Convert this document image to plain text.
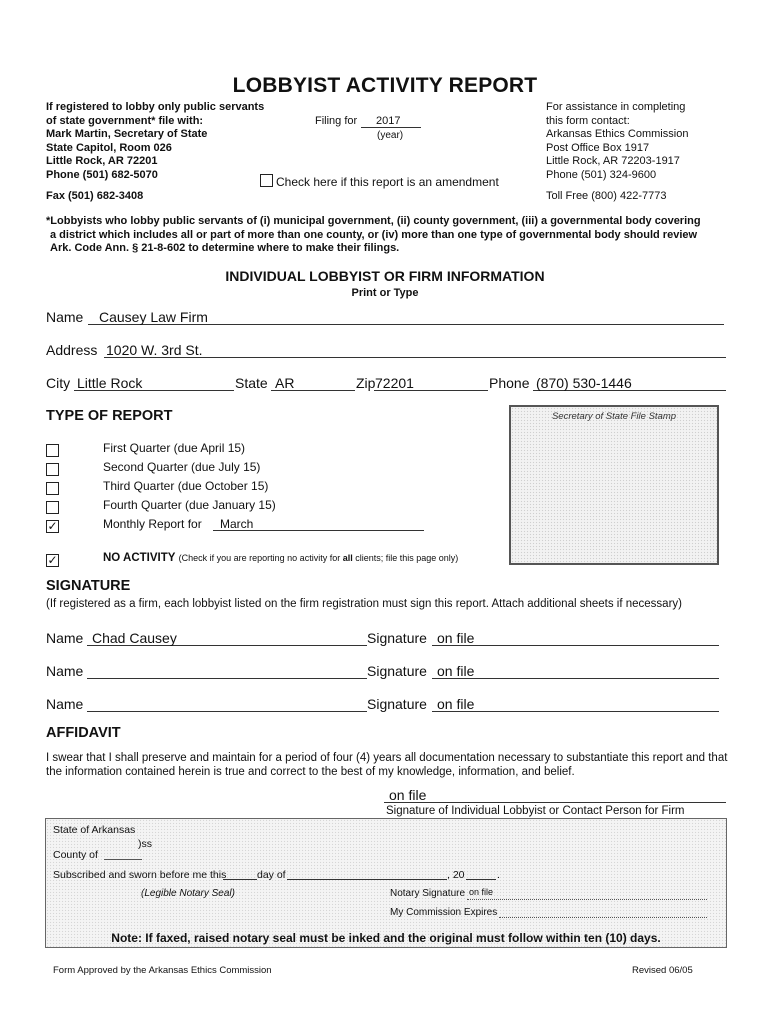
LOBBYIST ACTIVITY REPORT
If registered to lobby only public servants
of state government* file with:
Mark Martin, Secretary of State
State Capitol, Room 026
Little Rock, AR 72201
Phone (501) 682-5070
Fax (501) 682-3408
Filing for 2017
(year)
Check here if this report is an amendment
For assistance in completing
this form contact:
Arkansas Ethics Commission
Post Office Box 1917
Little Rock, AR 72203-1917
Phone (501) 324-9600
Toll Free (800) 422-7773
*Lobbyists who lobby public servants of (i) municipal government, (ii) county government, (iii) a governmental body covering
a district which includes all or part of more than one county, or (iv) more than one type of governmental body should review
Ark. Code Ann. § 21-8-602 to determine where to make their filings.
INDIVIDUAL LOBBYIST OR FIRM INFORMATION
Print or Type
Name Causey Law Firm
Address 1020 W. 3rd St.
City Little Rock	State AR	Zip 72201	Phone (870) 530-1446
Secretary of State File Stamp
TYPE OF REPORT
First Quarter (due April 15)
Second Quarter (due July 15)
Third Quarter (due October 15)
Fourth Quarter (due January 15)
✓	Monthly Report for March
✓	NO ACTIVITY (Check if you are reporting no activity for all clients; file this page only)
SIGNATURE
(If registered as a firm, each lobbyist listed on the firm registration must sign this report. Attach additional sheets if necessary)
Name Chad Causey	Signature on file
Name	Signature on file
Name	Signature on file
AFFIDAVIT
I swear that I shall preserve and maintain for a period of four (4) years all documentation necessary to substantiate this report and that
the information contained herein is true and correct to the best of my knowledge, information, and belief.
on file
Signature of Individual Lobbyist or Contact Person for Firm
State of Arkansas
)ss
County of
Subscribed and sworn before me this	day of	, 20	.
(Legible Notary Seal)	Notary Signature on file
My Commission Expires
Note: If faxed, raised notary seal must be inked and the original must follow within ten (10) days.
Form Approved by the Arkansas Ethics Commission	Revised 06/05
